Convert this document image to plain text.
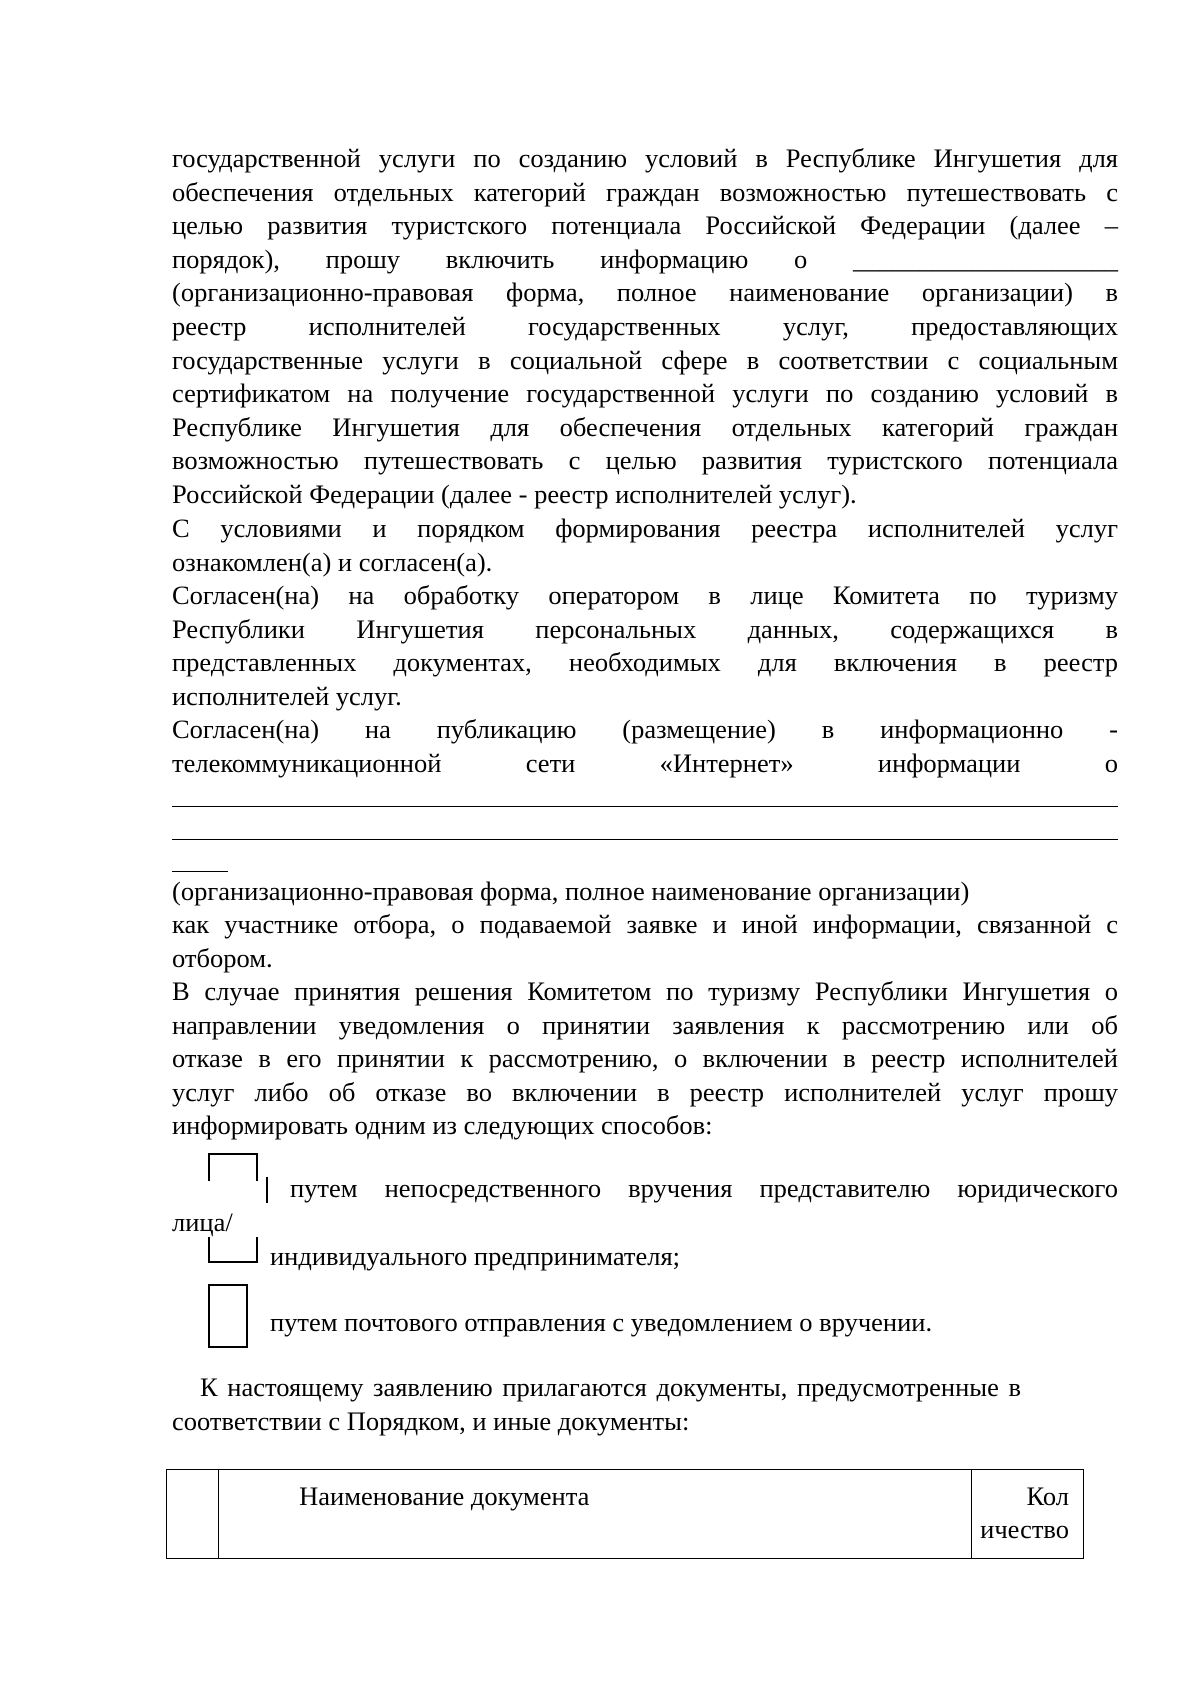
государственной услуги по созданию условий в Республике Ингушетия для
обеспечения отдельных категорий граждан возможностью путешествовать с
целью развития туристского потенциала Российской Федерации (далее –
порядок), прошу включить информацию о ____________________
(организационно-правовая форма, полное наименование организации) в
реестр исполнителей государственных услуг, предоставляющих
государственные услуги в социальной сфере в соответствии с социальным
сертификатом на получение государственной услуги по созданию условий в
Республике Ингушетия для обеспечения отдельных категорий граждан
возможностью путешествовать с целью развития туристского потенциала
Российской Федерации (далее - реестр исполнителей услуг).
С условиями и порядком формирования реестра исполнителей услуг
ознакомлен(а) и согласен(а).
Согласен(на) на обработку оператором в лице Комитета по туризму
Республики Ингушетия персональных данных, содержащихся в
представленных документах, необходимых для включения в реестр
исполнителей услуг.
Согласен(на) на публикацию (размещение) в информационно -
телекоммуникационной сети «Интернет» информации о
(организационно-правовая форма, полное наименование организации)
как участнике отбора, о подаваемой заявке и иной информации, связанной с
отбором.
В случае принятия решения Комитетом по туризму Республики Ингушетия о
направлении уведомления о принятии заявления к рассмотрению или об
отказе в его принятии к рассмотрению, о включении в реестр исполнителей
услуг либо об отказе во включении в реестр исполнителей услуг прошу
информировать одним из следующих способов:
путем непосредственного вручения представителю юридического
лица/
индивидуального предпринимателя;
путем почтового отправления с уведомлением о вручении.
К настоящему заявлению прилагаются документы, предусмотренные в
соответствии с Порядком, и иные документы:
	Наименование документа	Кол
ичество
